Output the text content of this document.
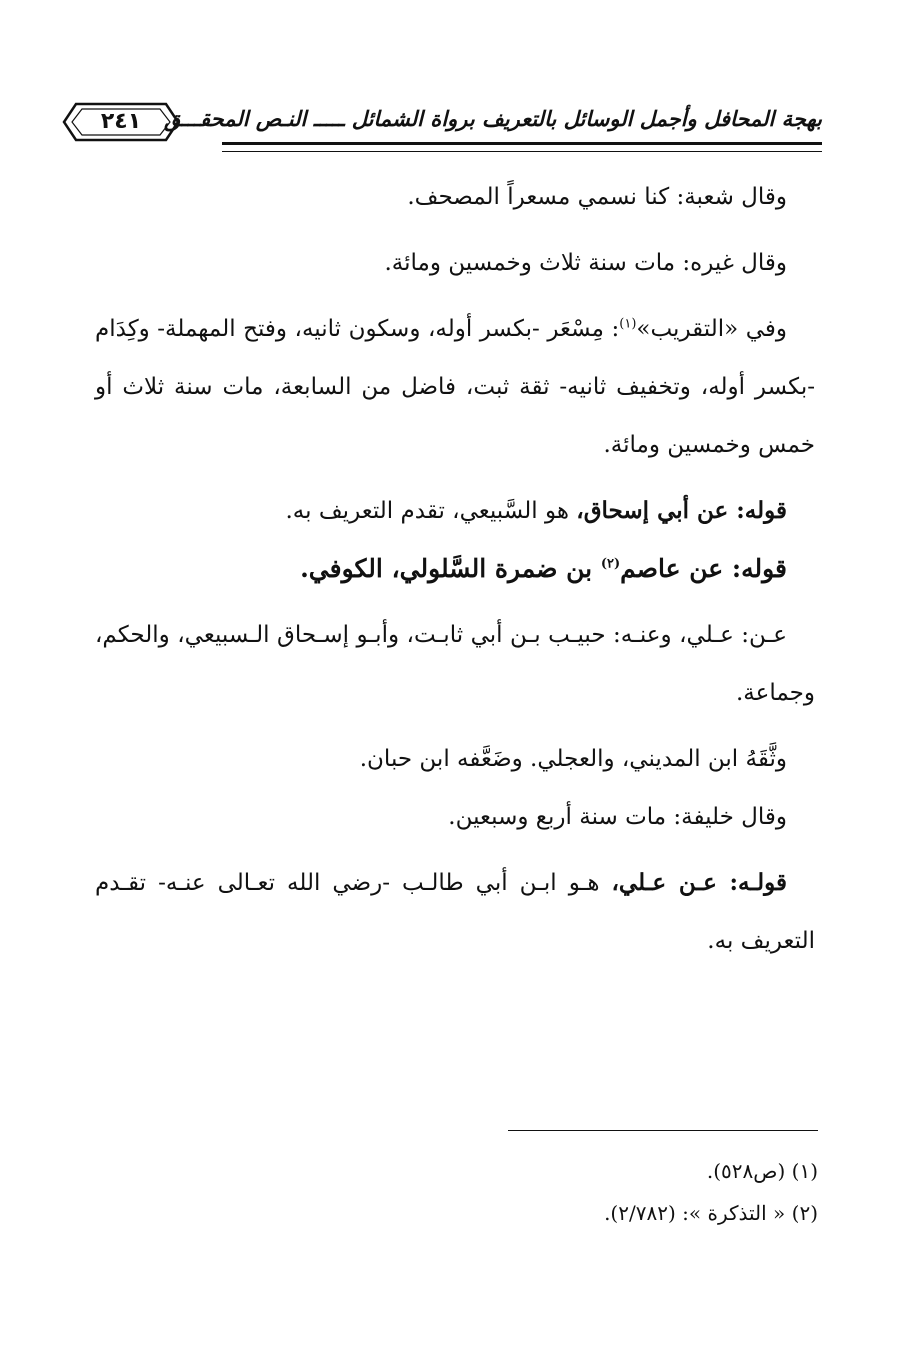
٢٤١	بهجة المحافل وأجمل الوسائل بالتعريف برواة الشمائل ـــــ النـص المحقـــق

وقال شعبة: كنا نسمي مسعراً المصحف.

وقال غيره: مات سنة ثلاث وخمسين ومائة.

وفي «التقريب»$^{(١)}$: مِسْعَر -بكسر أوله، وسكون ثانيه، وفتح المهملة- وكِدَام -بكسر أوله، وتخفيف ثانيه- ثقة ثبت، فاضل من السابعة، مات سنة ثلاث أو خمس وخمسين ومائة.

قوله: عن أبي إسحاق، هو السَّبيعي، تقدم التعريف به.

قوله: عن عاصم$^{(٢)}$ بن ضمرة السَّلولي، الكوفي.

عـن: عـلي، وعنـه: حبيـب بـن أبي ثابـت، وأبـو إسـحاق الـسبيعي، والحكم، وجماعة.

وثَّقَهُ ابن المديني، والعجلي. وضَعَّفه ابن حبان.

وقال خليفة: مات سنة أربع وسبعين.

قولـه: عـن عـلي، هـو ابـن أبي طالـب -رضي الله تعـالى عنـه- تقـدم التعريف به.

(١) (ص٥٢٨).

(٢) « التذكرة »: (٢/٧٨٢).
